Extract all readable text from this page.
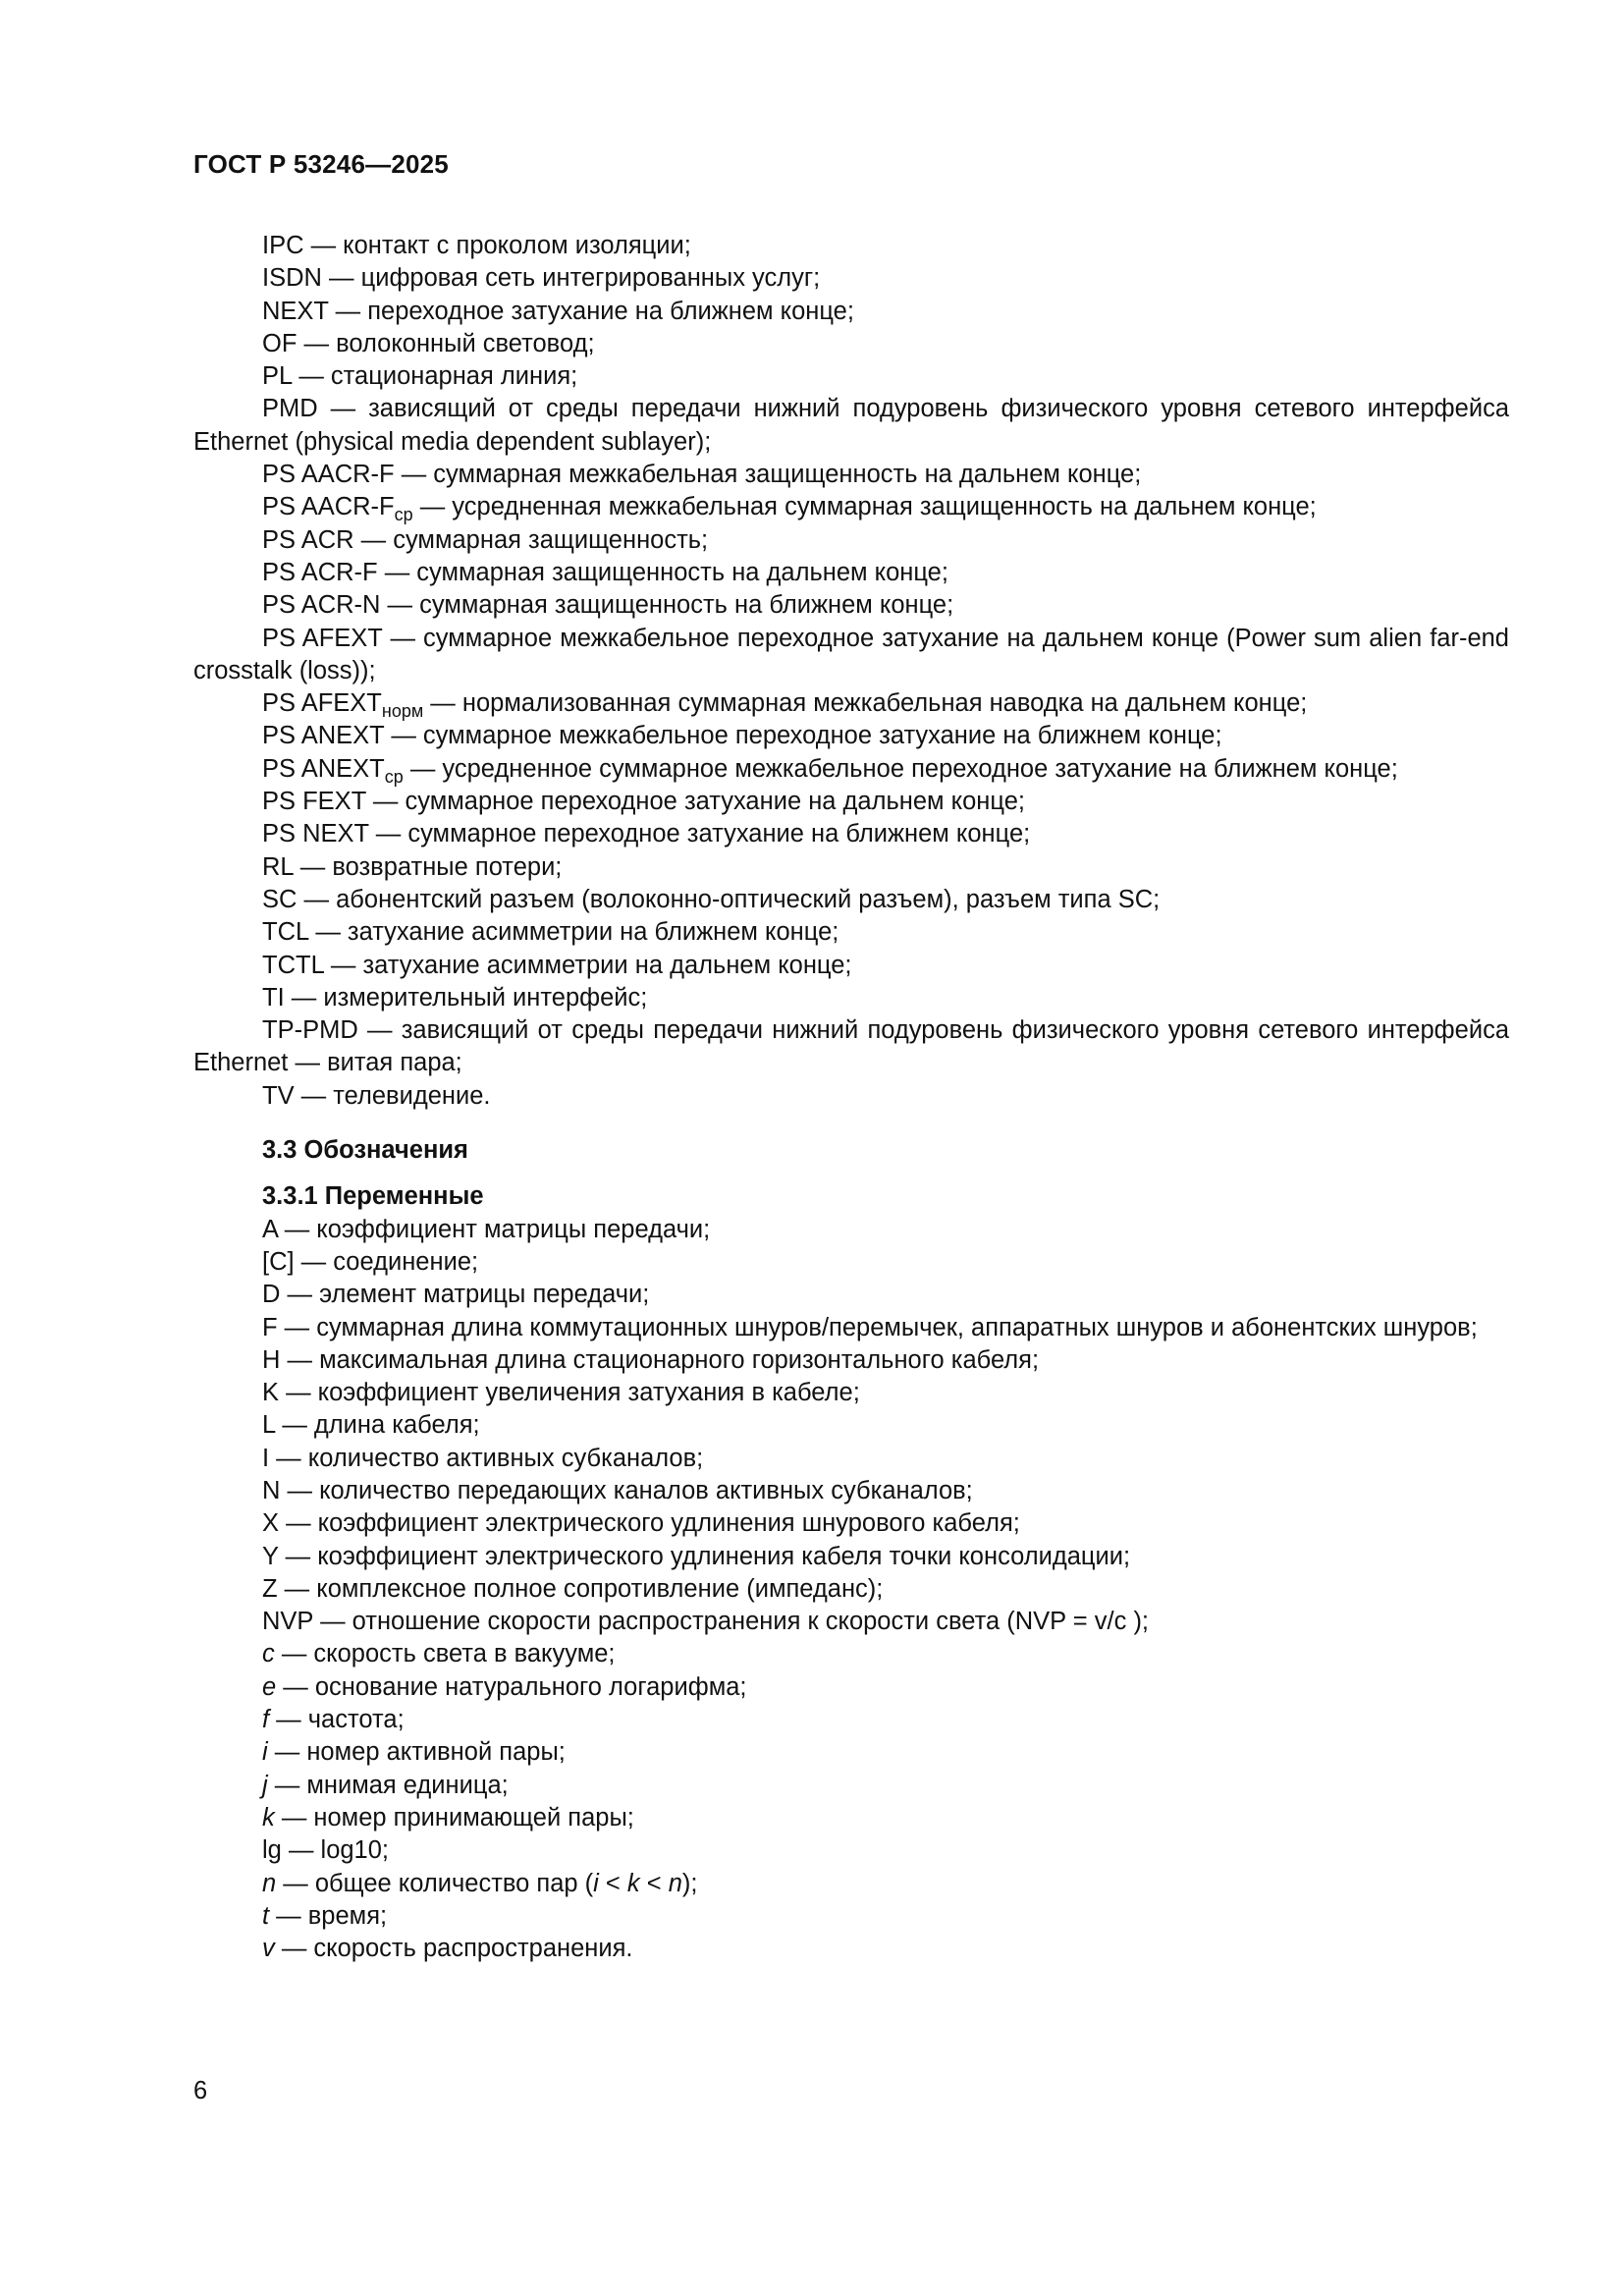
ГОСТ Р 53246—2025

IPC — контакт с проколом изоляции;

ISDN — цифровая сеть интегрированных услуг;

NEXT — переходное затухание на ближнем конце;

OF — волоконный световод;

PL — стационарная линия;

PMD — зависящий от среды передачи нижний подуровень физического уровня сетевого интерфейса Ethernet (physical media dependent sublayer);

PS AACR-F — суммарная межкабельная защищенность на дальнем конце;

PS AACR-$F_{ср}$ — усредненная межкабельная суммарная защищенность на дальнем конце;

PS ACR — суммарная защищенность;

PS ACR-F — суммарная защищенность на дальнем конце;

PS ACR-N — суммарная защищенность на ближнем конце;

PS AFEXT — суммарное межкабельное переходное затухание на дальнем конце (Power sum alien far-end crosstalk (loss));

PS $AFEXT_{норм}$ — нормализованная суммарная межкабельная наводка на дальнем конце;

PS ANEXT — суммарное межкабельное переходное затухание на ближнем конце;

PS $ANEXT_{ср}$ — усредненное суммарное межкабельное переходное затухание на ближнем конце;

PS FEXT — суммарное переходное затухание на дальнем конце;

PS NEXT — суммарное переходное затухание на ближнем конце;

RL — возвратные потери;

SC — абонентский разъем (волоконно-оптический разъем), разъем типа SC;

TCL — затухание асимметрии на ближнем конце;

TCTL — затухание асимметрии на дальнем конце;

TI — измерительный интерфейс;

TP-PMD — зависящий от среды передачи нижний подуровень физического уровня сетевого интерфейса Ethernet — витая пара;

TV — телевидение.

3.3 Обозначения

3.3.1 Переменные

A — коэффициент матрицы передачи;

[C] — соединение;

D — элемент матрицы передачи;

F — суммарная длина коммутационных шнуров/перемычек, аппаратных шнуров и абонентских шнуров;

H — максимальная длина стационарного горизонтального кабеля;

K — коэффициент увеличения затухания в кабеле;

L — длина кабеля;

I — количество активных субканалов;

N — количество передающих каналов активных субканалов;

X — коэффициент электрического удлинения шнурового кабеля;

Y — коэффициент электрического удлинения кабеля точки консолидации;

Z — комплексное полное сопротивление (импеданс);

NVP — отношение скорости распространения к скорости света (NVP = v/c );

c — скорость света в вакууме;

e — основание натурального логарифма;

f — частота;

i — номер активной пары;

j — мнимая единица;

k — номер принимающей пары;

lg — log10;

n — общее количество пар (i < k < n);

t — время;

v — скорость распространения.

6
